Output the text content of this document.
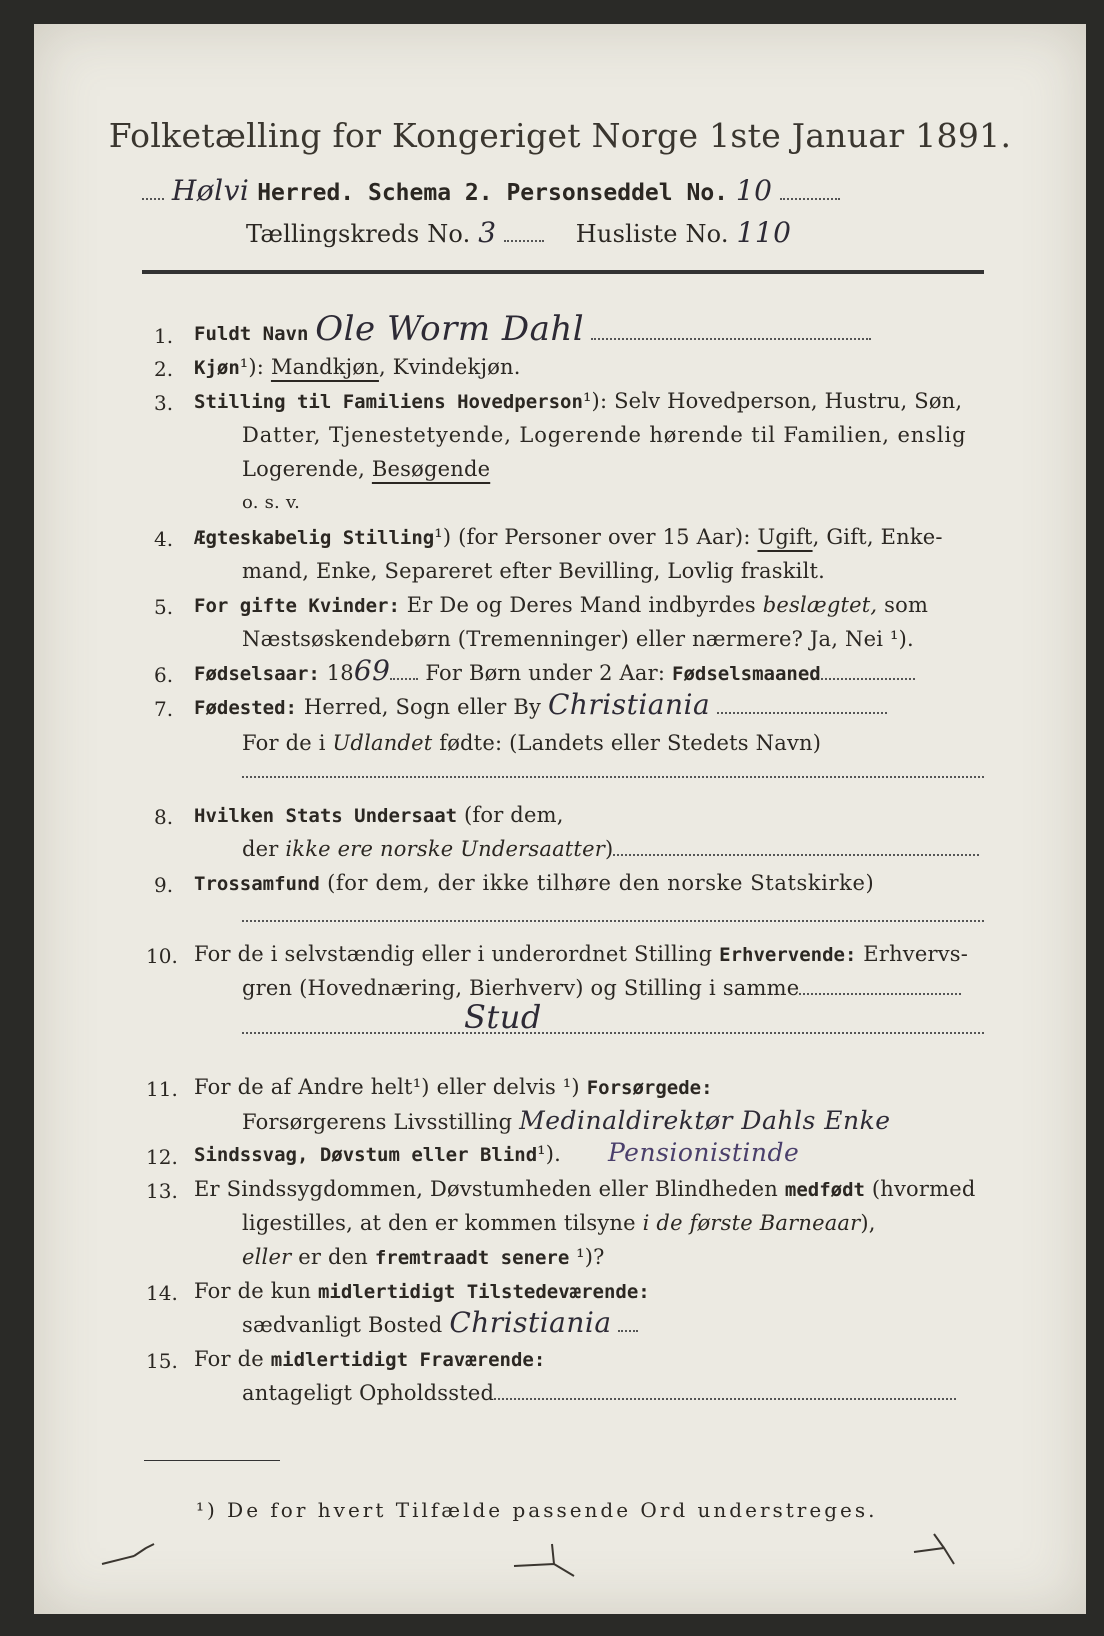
Folketælling for Kongeriget Norge 1ste Januar 1891.
Hølvi Herred. Schema 2. Personseddel No. 10
Tællingskreds No. 3	Husliste No. 110
1. Fuldt Navn Ole Worm Dahl
2. Kjøn¹): Mandkjøn, Kvindekjøn.
3. Stilling til Familiens Hovedperson¹): Selv Hovedperson, Hustru, Søn,
Datter, Tjenestetyende, Logerende hørende til Familien, enslig
Logerende, Besøgende
o. s. v.
4. Ægteskabelig Stilling¹) (for Personer over 15 Aar): Ugift, Gift, Enke-
mand, Enke, Separeret efter Bevilling, Lovlig fraskilt.
5. For gifte Kvinder: Er De og Deres Mand indbyrdes beslægtet, som
Næstsøskendebørn (Tremenninger) eller nærmere? Ja, Nei ¹).
6. Fødselsaar: 1869 For Børn under 2 Aar: Fødselsmaaned
7. Fødested: Herred, Sogn eller By Christiania
For de i Udlandet fødte: (Landets eller Stedets Navn)
8. Hvilken Stats Undersaat (for dem,
der ikke ere norske Undersaatter)
9. Trossamfund (for dem, der ikke tilhøre den norske Statskirke)
10. For de i selvstændig eller i underordnet Stilling Erhvervende: Erhvervs-
gren (Hovednæring, Bierhverv) og Stilling i samme
Stud
11. For de af Andre helt¹) eller delvis ¹) Forsørgede:
Forsørgerens Livsstilling Medinaldirektør Dahls Enke
12. Sindssvag, Døvstum eller Blind¹). Pensionistinde
13. Er Sindssygdommen, Døvstumheden eller Blindheden medfødt (hvormed
ligestilles, at den er kommen tilsyne i de første Barneaar),
eller er den fremtraadt senere ¹)?
14. For de kun midlertidigt Tilstedeværende:
sædvanligt Bosted Christiania
15. For de midlertidigt Fraværende:
antageligt Opholdssted
¹) De for hvert Tilfælde passende Ord understreges.
